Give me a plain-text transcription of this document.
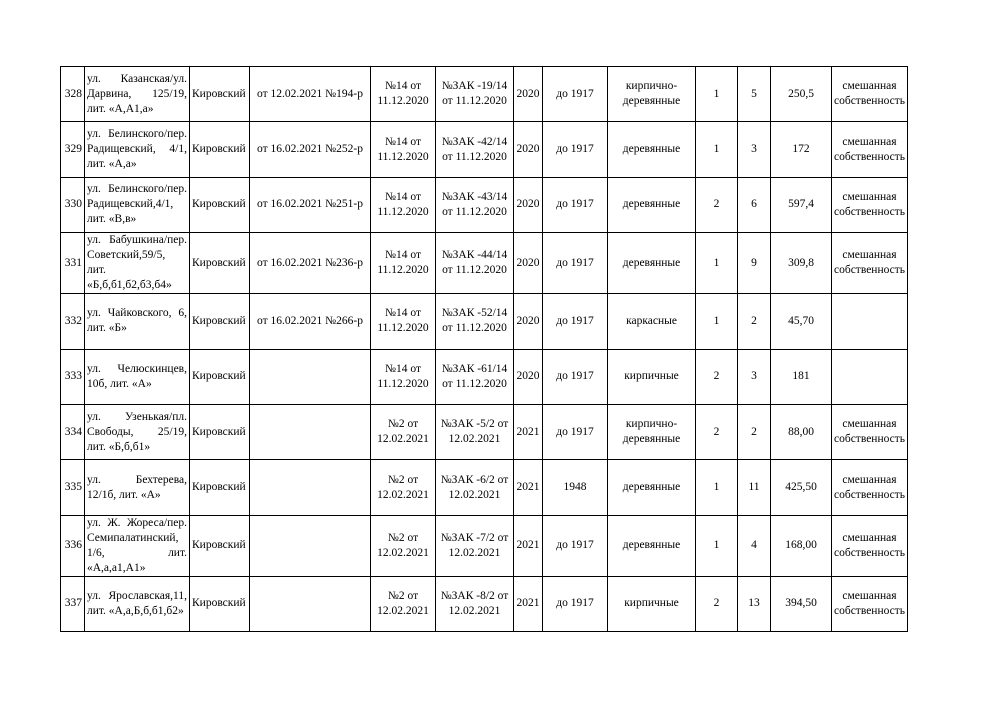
328	ул. Казанская/ул. Дарвина, 125/19, лит. «А,А1,а»	Кировский	от 12.02.2021 №194-р	№14 от 11.12.2020	№ЗАК -19/14 от 11.12.2020	2020	до 1917	кирпично-деревянные	1	5	250,5	смешанная собственность
329	ул. Белинского/пер. Радищевский, 4/1, лит. «А,а»	Кировский	от 16.02.2021 №252-р	№14 от 11.12.2020	№ЗАК -42/14 от 11.12.2020	2020	до 1917	деревянные	1	3	172	смешанная собственность
330	ул. Белинского/пер. Радищевский,4/1, лит. «В,в»	Кировский	от 16.02.2021 №251-р	№14 от 11.12.2020	№ЗАК -43/14 от 11.12.2020	2020	до 1917	деревянные	2	6	597,4	смешанная собственность
331	ул. Бабушкина/пер. Советский,59/5, лит. «Б,б,б1,б2,б3,б4»	Кировский	от 16.02.2021 №236-р	№14 от 11.12.2020	№ЗАК -44/14 от 11.12.2020	2020	до 1917	деревянные	1	9	309,8	смешанная собственность
332	ул. Чайковского, 6, лит. «Б»	Кировский	от 16.02.2021 №266-р	№14 от 11.12.2020	№ЗАК -52/14 от 11.12.2020	2020	до 1917	каркасные	1	2	45,70	
333	ул. Челюскинцев, 10б, лит. «А»	Кировский		№14 от 11.12.2020	№ЗАК -61/14 от 11.12.2020	2020	до 1917	кирпичные	2	3	181	
334	ул. Узенькая/пл. Свободы, 25/19, лит. «Б,б,б1»	Кировский		№2 от 12.02.2021	№ЗАК -5/2 от 12.02.2021	2021	до 1917	кирпично-деревянные	2	2	88,00	смешанная собственность
335	ул. Бехтерева, 12/1б, лит. «А»	Кировский		№2 от 12.02.2021	№ЗАК -6/2 от 12.02.2021	2021	1948	деревянные	1	11	425,50	смешанная собственность
336	ул. Ж. Жореса/пер. Семипалатинский, 1/6, лит. «А,а,а1,А1»	Кировский		№2 от 12.02.2021	№ЗАК -7/2 от 12.02.2021	2021	до 1917	деревянные	1	4	168,00	смешанная собственность
337	ул. Ярославская,11, лит. «А,а,Б,б,б1,б2»	Кировский		№2 от 12.02.2021	№ЗАК -8/2 от 12.02.2021	2021	до 1917	кирпичные	2	13	394,50	смешанная собственность
